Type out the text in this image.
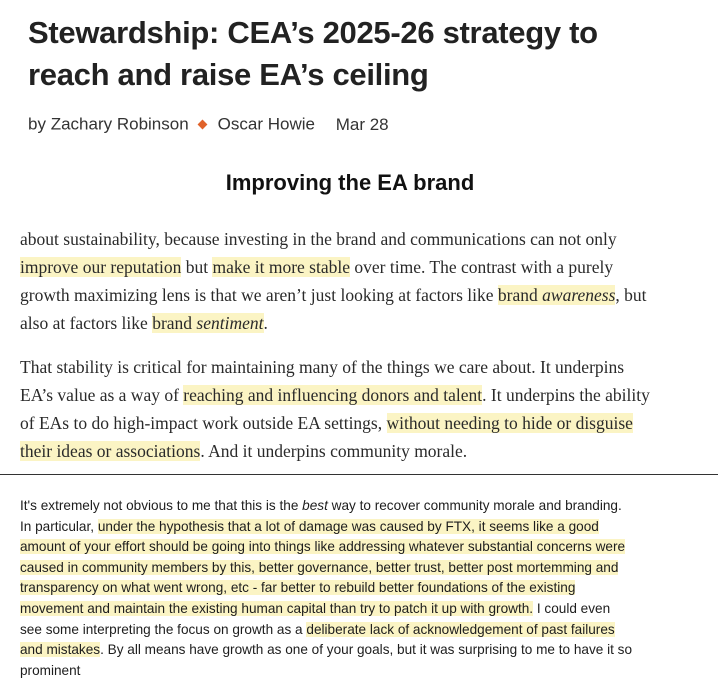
Stewardship: CEA’s 2025-26 strategy to
reach and raise EA’s ceiling
by Zachary Robinson Oscar Howie Mar 28
Improving the EA brand

about sustainability, because investing in the brand and communications can not only
improve our reputation but make it more stable over time. The contrast with a purely
growth maximizing lens is that we aren’t just looking at factors like brand awareness, but
also at factors like brand sentiment.

That stability is critical for maintaining many of the things we care about. It underpins
EA’s value as a way of reaching and influencing donors and talent. It underpins the ability
of EAs to do high-impact work outside EA settings, without needing to hide or disguise
their ideas or associations. And it underpins community morale.

It's extremely not obvious to me that this is the best way to recover community morale and branding.
In particular, under the hypothesis that a lot of damage was caused by FTX, it seems like a good
amount of your effort should be going into things like addressing whatever substantial concerns were
caused in community members by this, better governance, better trust, better post mortemming and
transparency on what went wrong, etc - far better to rebuild better foundations of the existing
movement and maintain the existing human capital than try to patch it up with growth. I could even
see some interpreting the focus on growth as a deliberate lack of acknowledgement of past failures
and mistakes. By all means have growth as one of your goals, but it was surprising to me to have it so
prominent
